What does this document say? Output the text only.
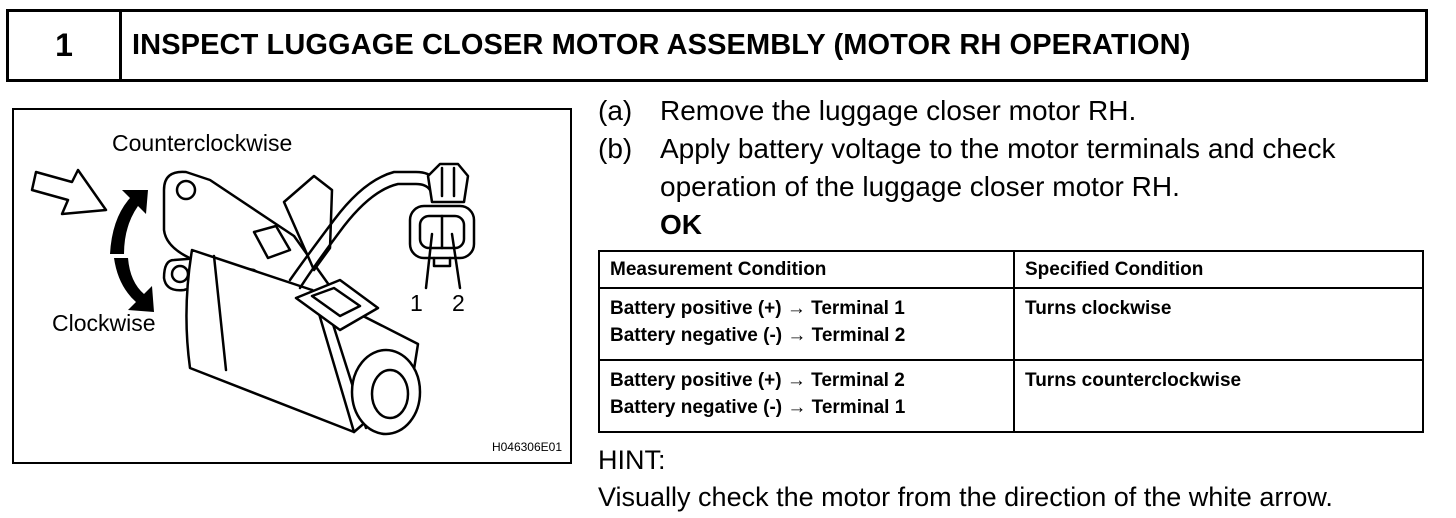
1	INSPECT LUGGAGE CLOSER MOTOR ASSEMBLY (MOTOR RH OPERATION)
Counterclockwise
Clockwise
1 2
H046306E01
(a) Remove the luggage closer motor RH.
(b) Apply battery voltage to the motor terminals and check
operation of the luggage closer motor RH.
OK
Measurement Condition	Specified Condition

Battery positive (+) → Terminal 1
Battery negative (-) → Terminal 2	Turns clockwise

Battery positive (+) → Terminal 2
Battery negative (-) → Terminal 1	Turns counterclockwise
HINT:
Visually check the motor from the direction of the white arrow.
